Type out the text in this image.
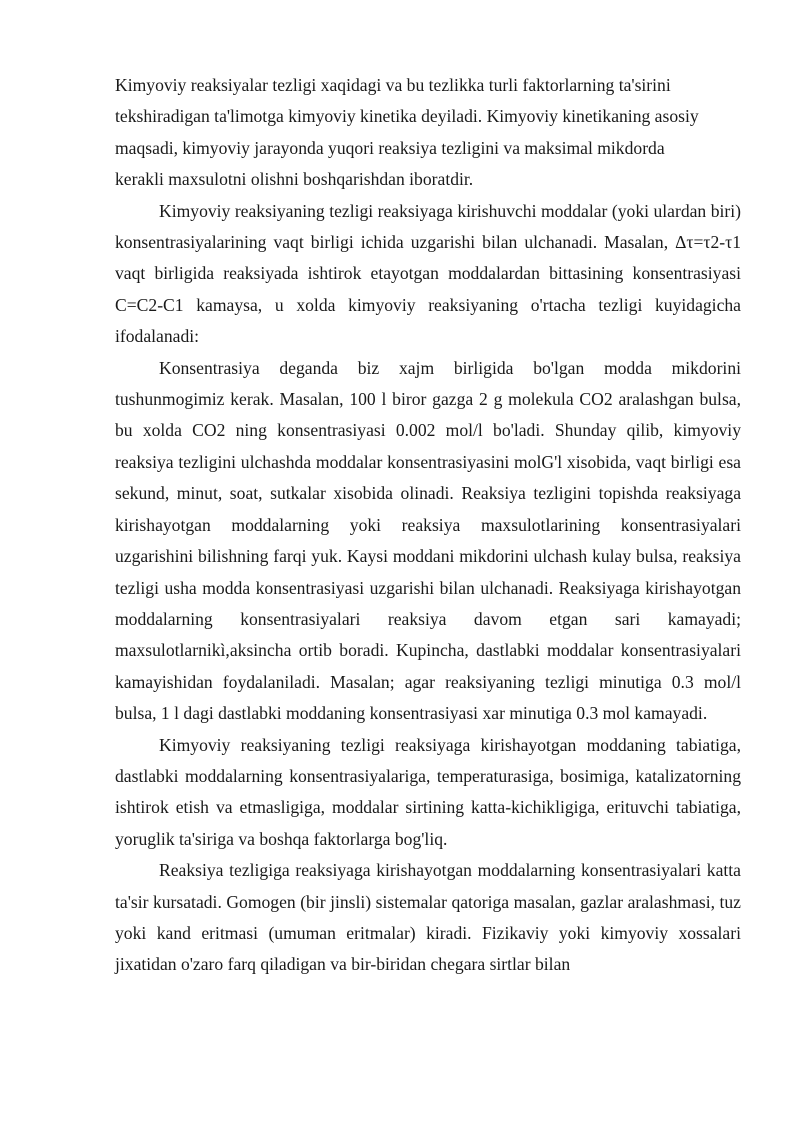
Kimyoviy reaksiyalar tezligi xaqidagi va bu tezlikka turli faktorlarning ta'sirini
tekshiradigan ta'limotga kimyoviy kinetika deyiladi. Kimyoviy kinetikaning asosiy
maqsadi, kimyoviy jarayonda yuqori reaksiya tezligini va maksimal mikdorda
kerakli maxsulotni olishni boshqarishdan iboratdir.

Kimyoviy reaksiyaning tezligi reaksiyaga kirishuvchi moddalar (yoki ulardan biri) konsentrasiyalarining vaqt birligi ichida uzgarishi bilan ulchanadi. Masalan, Δτ=τ2-τ1 vaqt birligida reaksiyada ishtirok etayotgan moddalardan bittasining konsentrasiyasi C=C2-C1 kamaysa, u xolda kimyoviy reaksiyaning o'rtacha tezligi kuyidagicha ifodalanadi:

Konsentrasiya deganda biz xajm birligida bo'lgan modda mikdorini tushunmogimiz kerak. Masalan, 100 l biror gazga 2 g molekula CO2 aralashgan bulsa, bu xolda CO2 ning konsentrasiyasi 0.002 mol/l bo'ladi. Shunday qilib, kimyoviy reaksiya tezligini ulchashda moddalar konsentrasiyasini molG'l xisobida, vaqt birligi esa sekund, minut, soat, sutkalar xisobida olinadi. Reaksiya tezligini topishda reaksiyaga kirishayotgan moddalarning yoki reaksiya maxsulotlarining konsentrasiyalari uzgarishini bilishning farqi yuk. Kaysi moddani mikdorini ulchash kulay bulsa, reaksiya tezligi usha modda konsentrasiyasi uzgarishi bilan ulchanadi. Reaksiyaga kirishayotgan moddalarning konsentrasiyalari reaksiya davom etgan sari kamayadi; maxsulotlarnikì,aksincha ortib boradi. Kupincha, dastlabki moddalar konsentrasiyalari kamayishidan foydalaniladi. Masalan; agar reaksiyaning tezligi minutiga 0.3 mol/l bulsa, 1 l dagi dastlabki moddaning konsentrasiyasi xar minutiga 0.3 mol kamayadi.

Kimyoviy reaksiyaning tezligi reaksiyaga kirishayotgan moddaning tabiatiga, dastlabki moddalarning konsentrasiyalariga, temperaturasiga, bosimiga, katalizatorning ishtirok etish va etmasligiga, moddalar sirtining katta-kichikligiga, erituvchi tabiatiga, yoruglik ta'siriga va boshqa faktorlarga bog'liq.

Reaksiya tezligiga reaksiyaga kirishayotgan moddalarning konsentrasiyalari katta ta'sir kursatadi. Gomogen (bir jinsli) sistemalar qatoriga masalan, gazlar aralashmasi, tuz yoki kand eritmasi (umuman eritmalar) kiradi. Fizikaviy yoki kimyoviy xossalari jixatidan o'zaro farq qiladigan va bir-biridan chegara sirtlar bilan
